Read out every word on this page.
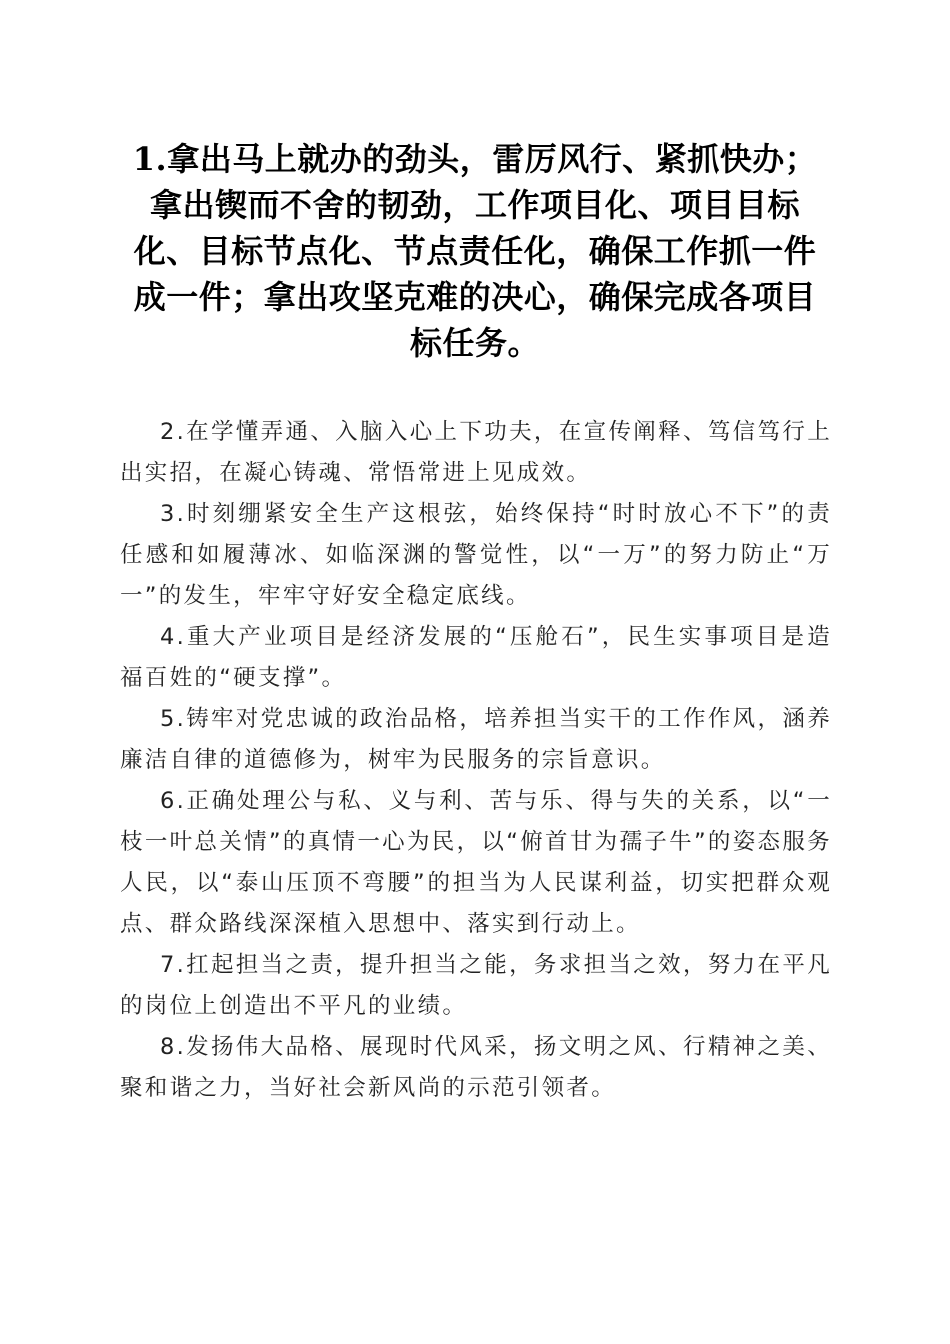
1.拿出马上就办的劲头，雷厉风行、紧抓快办；拿出锲而不舍的韧劲，工作项目化、项目目标化、目标节点化、节点责任化，确保工作抓一件成一件；拿出攻坚克难的决心，确保完成各项目标任务。

2.在学懂弄通、入脑入心上下功夫，在宣传阐释、笃信笃行上出实招，在凝心铸魂、常悟常进上见成效。

3.时刻绷紧安全生产这根弦，始终保持“时时放心不下”的责任感和如履薄冰、如临深渊的警觉性，以“一万”的努力防止“万一”的发生，牢牢守好安全稳定底线。

4.重大产业项目是经济发展的“压舱石”，民生实事项目是造福百姓的“硬支撑”。

5.铸牢对党忠诚的政治品格，培养担当实干的工作作风，涵养廉洁自律的道德修为，树牢为民服务的宗旨意识。

6.正确处理公与私、义与利、苦与乐、得与失的关系，以“一枝一叶总关情”的真情一心为民，以“俯首甘为孺子牛”的姿态服务人民，以“泰山压顶不弯腰”的担当为人民谋利益，切实把群众观点、群众路线深深植入思想中、落实到行动上。

7.扛起担当之责，提升担当之能，务求担当之效，努力在平凡的岗位上创造出不平凡的业绩。

8.发扬伟大品格、展现时代风采，扬文明之风、行精神之美、聚和谐之力，当好社会新风尚的示范引领者。
